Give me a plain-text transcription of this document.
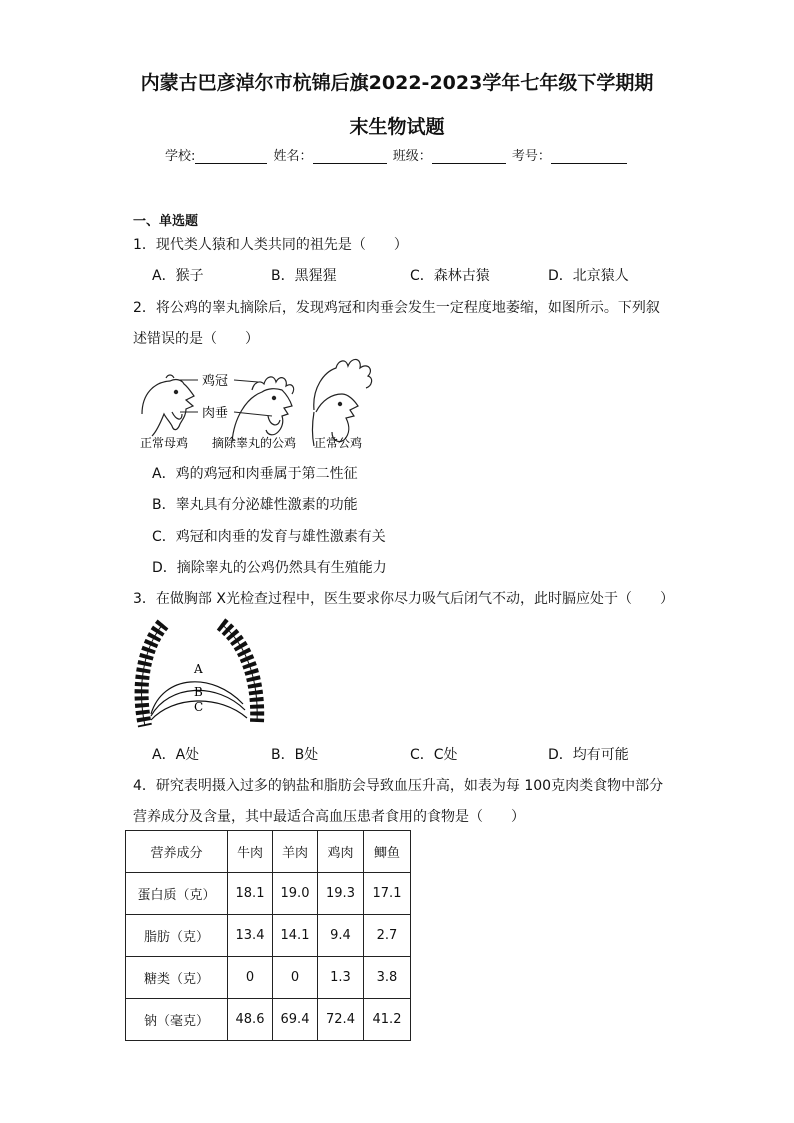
内蒙古巴彦淖尔市杭锦后旗2022-2023学年七年级下学期期
末生物试题
学校:	姓名：	班级：	考号：
一、单选题
1．现代类人猿和人类共同的祖先是（　　）
A．猴子	B．黑猩猩	C．森林古猿	D．北京猿人
2．将公鸡的睾丸摘除后，发现鸡冠和肉垂会发生一定程度地萎缩，如图所示。下列叙
述错误的是（　　）
鸡冠
肉垂
正常母鸡 摘除睾丸的公鸡 正常公鸡
A．鸡的鸡冠和肉垂属于第二性征
B．睾丸具有分泌雄性激素的功能
C．鸡冠和肉垂的发育与雄性激素有关
D．摘除睾丸的公鸡仍然具有生殖能力
3．在做胸部 X光检查过程中，医生要求你尽力吸气后闭气不动，此时膈应处于（　　）
A
B
C
A．A处	B．B处	C．C处	D．均有可能
4．研究表明摄入过多的钠盐和脂肪会导致血压升高，如表为每 100克肉类食物中部分
营养成分及含量，其中最适合高血压患者食用的食物是（　　）
营养成分	牛肉	羊肉	鸡肉	鲫鱼
蛋白质（克）	18.1	19.0	19.3	17.1
脂肪（克）	13.4	14.1	9.4	2.7
糖类（克）	0	0	1.3	3.8
钠（毫克）	48.6	69.4	72.4	41.2
